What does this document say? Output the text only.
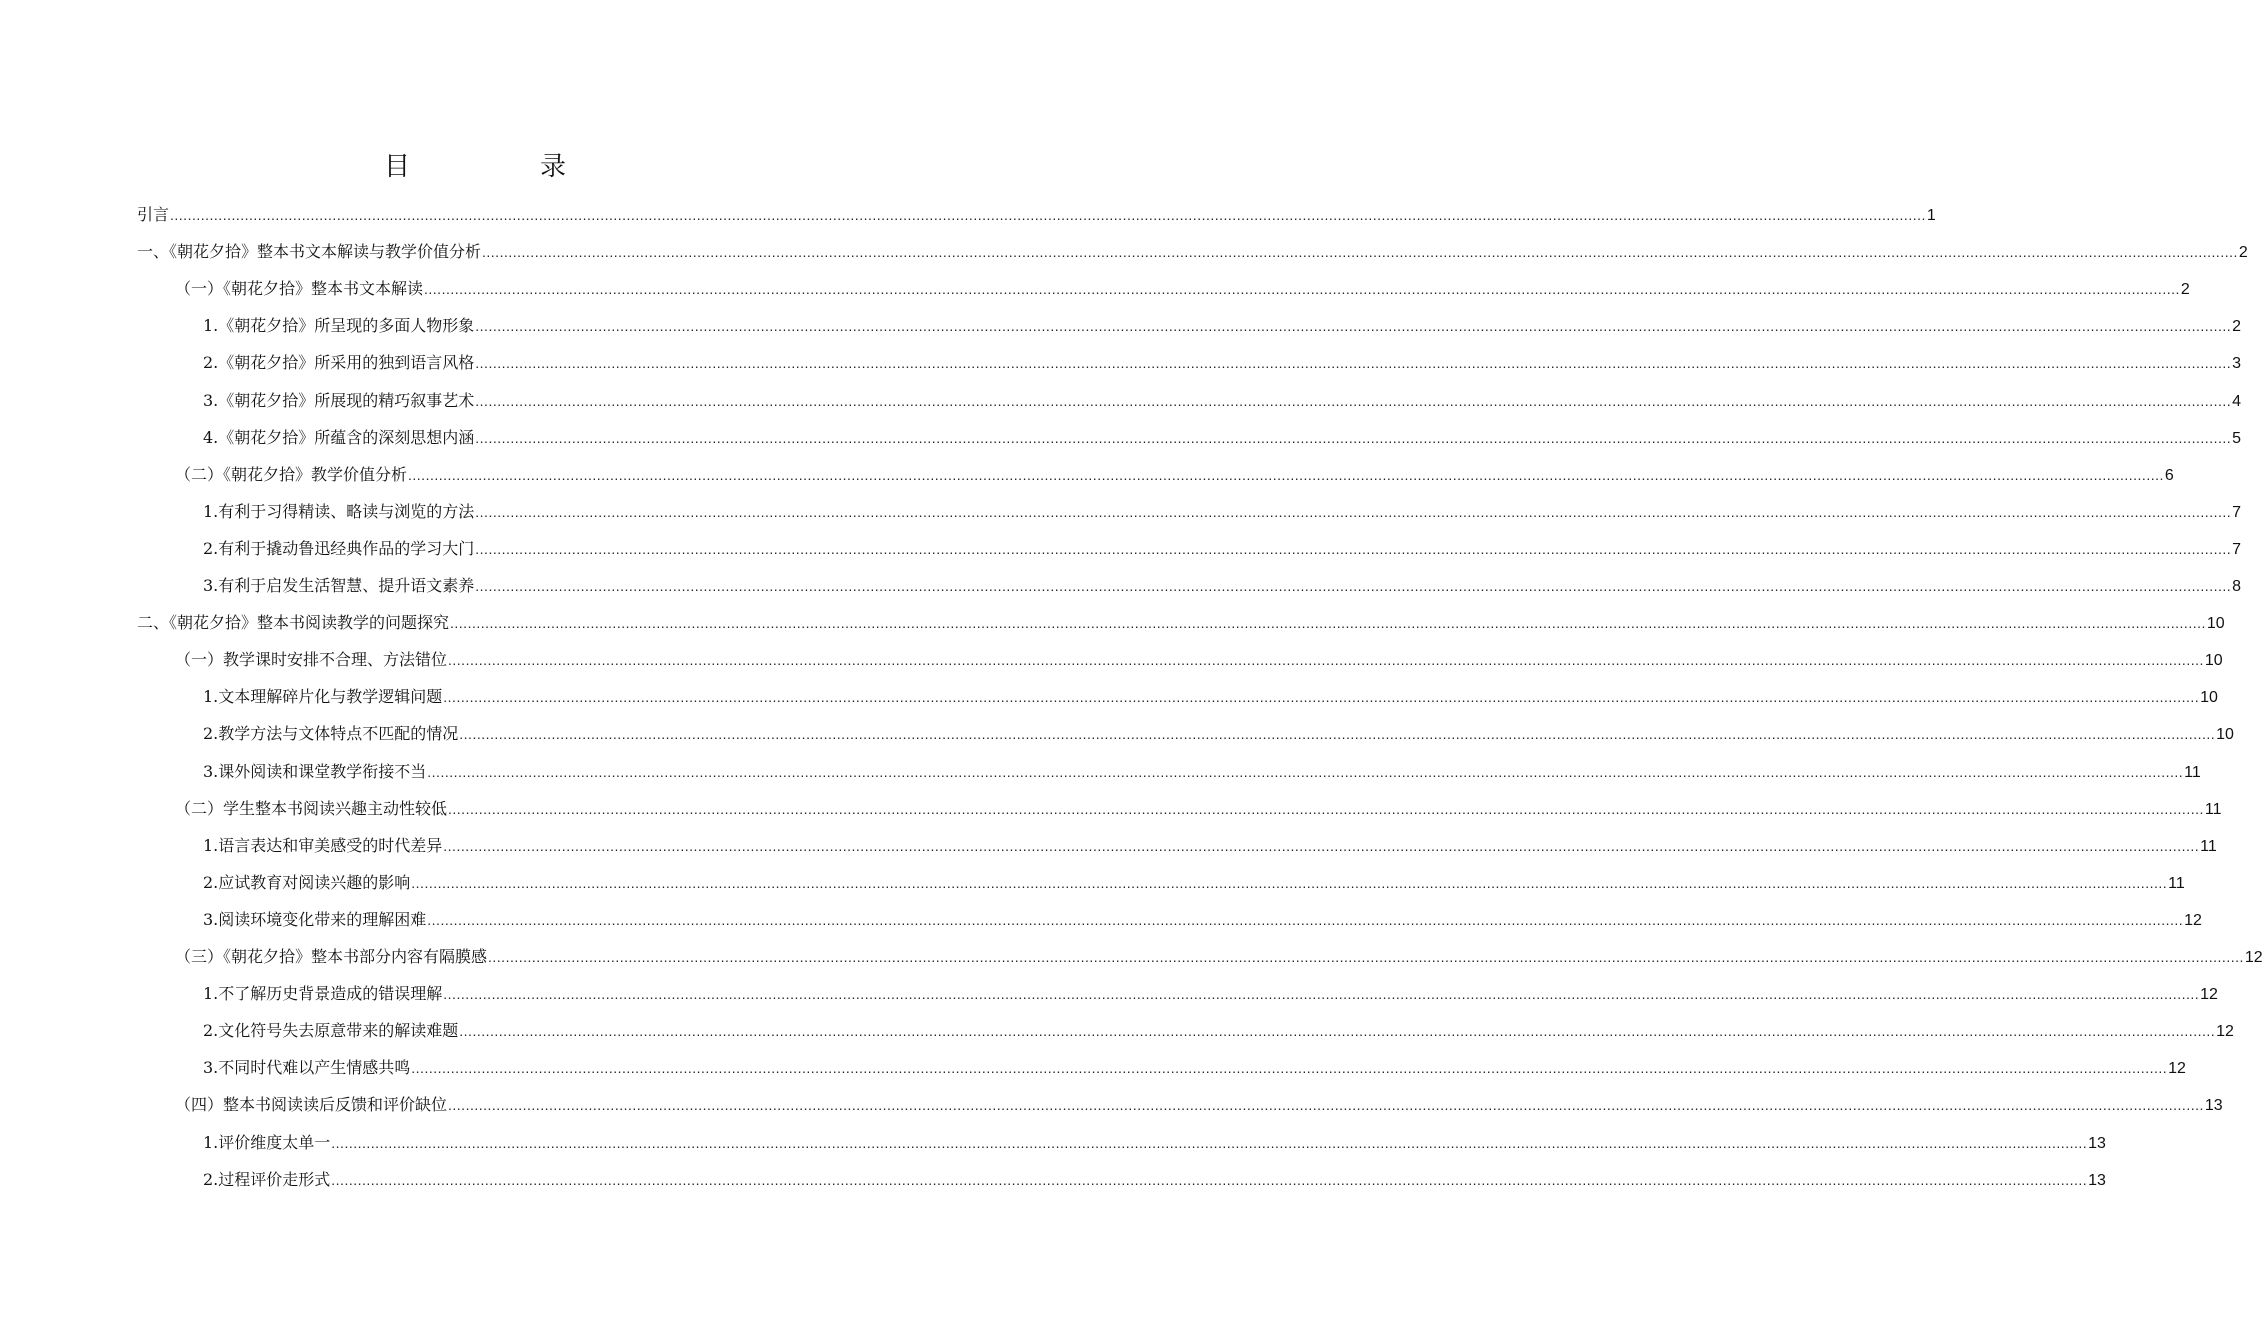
目　录
引言 ................................................................................................................................................................................................................................................................................................................................................................................................................ 1
一、《朝花夕拾》整本书文本解读与教学价值分析 ................................................................................................................................................................................................................................................................................................................................................................................................................ 2
（一）《朝花夕拾》整本书文本解读 ................................................................................................................................................................................................................................................................................................................................................................................................................ 2
1.《朝花夕拾》所呈现的多面人物形象 ................................................................................................................................................................................................................................................................................................................................................................................................................ 2
2.《朝花夕拾》所采用的独到语言风格 ................................................................................................................................................................................................................................................................................................................................................................................................................ 3
3.《朝花夕拾》所展现的精巧叙事艺术 ................................................................................................................................................................................................................................................................................................................................................................................................................ 4
4.《朝花夕拾》所蕴含的深刻思想内涵 ................................................................................................................................................................................................................................................................................................................................................................................................................ 5
（二）《朝花夕拾》教学价值分析 ................................................................................................................................................................................................................................................................................................................................................................................................................ 6
1.有利于习得精读、略读与浏览的方法 ................................................................................................................................................................................................................................................................................................................................................................................................................ 7
2.有利于撬动鲁迅经典作品的学习大门 ................................................................................................................................................................................................................................................................................................................................................................................................................ 7
3.有利于启发生活智慧、提升语文素养 ................................................................................................................................................................................................................................................................................................................................................................................................................ 8
二、《朝花夕拾》整本书阅读教学的问题探究 ................................................................................................................................................................................................................................................................................................................................................................................................................ 10
（一）教学课时安排不合理、方法错位 ................................................................................................................................................................................................................................................................................................................................................................................................................ 10
1.文本理解碎片化与教学逻辑问题 ................................................................................................................................................................................................................................................................................................................................................................................................................ 10
2.教学方法与文体特点不匹配的情况 ................................................................................................................................................................................................................................................................................................................................................................................................................ 10
3.课外阅读和课堂教学衔接不当 ................................................................................................................................................................................................................................................................................................................................................................................................................ 11
（二）学生整本书阅读兴趣主动性较低 ................................................................................................................................................................................................................................................................................................................................................................................................................ 11
1.语言表达和审美感受的时代差异 ................................................................................................................................................................................................................................................................................................................................................................................................................ 11
2.应试教育对阅读兴趣的影响 ................................................................................................................................................................................................................................................................................................................................................................................................................ 11
3.阅读环境变化带来的理解困难 ................................................................................................................................................................................................................................................................................................................................................................................................................ 12
（三）《朝花夕拾》整本书部分内容有隔膜感 ................................................................................................................................................................................................................................................................................................................................................................................................................ 12
1.不了解历史背景造成的错误理解 ................................................................................................................................................................................................................................................................................................................................................................................................................ 12
2.文化符号失去原意带来的解读难题 ................................................................................................................................................................................................................................................................................................................................................................................................................ 12
3.不同时代难以产生情感共鸣 ................................................................................................................................................................................................................................................................................................................................................................................................................ 12
（四）整本书阅读读后反馈和评价缺位 ................................................................................................................................................................................................................................................................................................................................................................................................................ 13
1.评价维度太单一 ................................................................................................................................................................................................................................................................................................................................................................................................................ 13
2.过程评价走形式 ................................................................................................................................................................................................................................................................................................................................................................................................................ 13
